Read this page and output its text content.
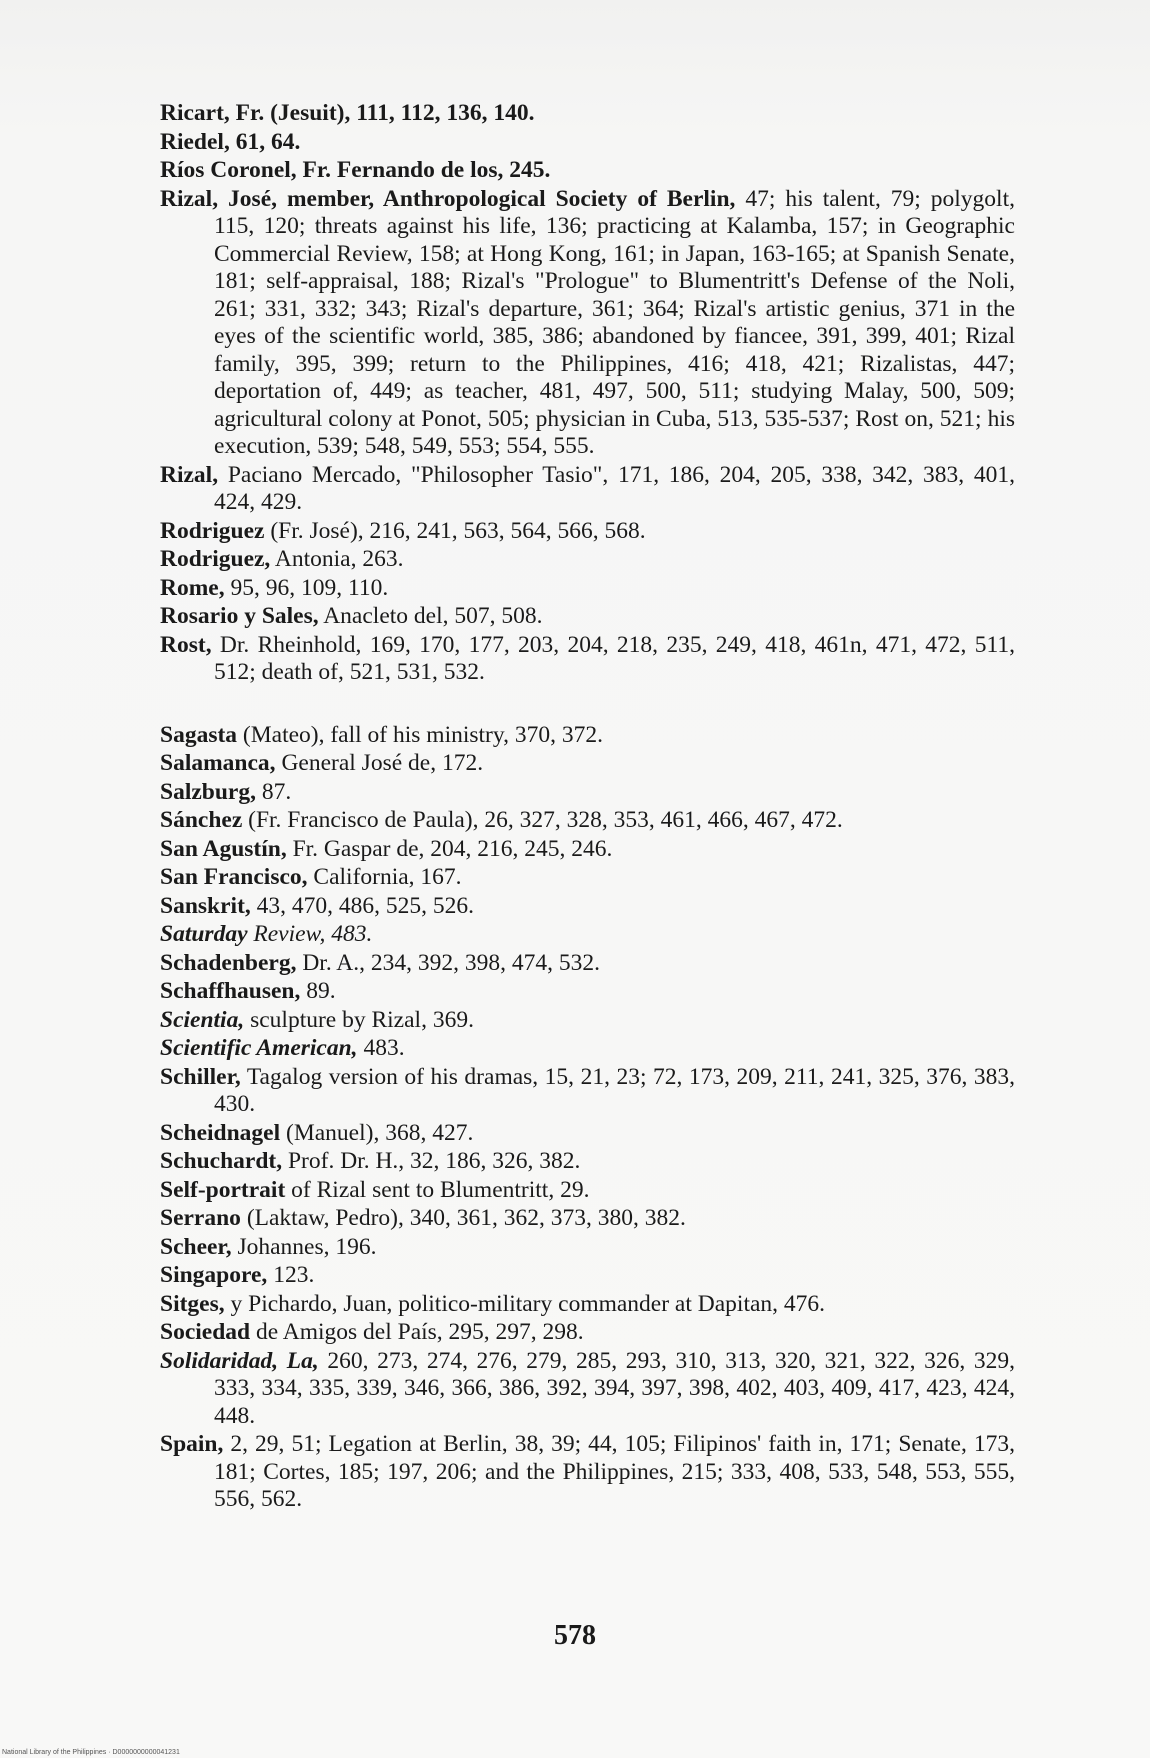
Ricart, Fr. (Jesuit), 111, 112, 136, 140.

Riedel, 61, 64.

Ríos Coronel, Fr. Fernando de los, 245.

Rizal, José, member, Anthropological Society of Berlin, 47; his talent, 79; polygolt, 115, 120; threats against his life, 136; practicing at Kalamba, 157; in Geographic Commercial Review, 158; at Hong Kong, 161; in Japan, 163-165; at Spanish Senate, 181; self-appraisal, 188; Rizal's "Prologue" to Blumentritt's Defense of the Noli, 261; 331, 332; 343; Rizal's departure, 361; 364; Rizal's artistic genius, 371 in the eyes of the scientific world, 385, 386; abandoned by fiancee, 391, 399, 401; Rizal family, 395, 399; return to the Philippines, 416; 418, 421; Rizalistas, 447; deportation of, 449; as teacher, 481, 497, 500, 511; studying Malay, 500, 509; agricultural colony at Ponot, 505; physician in Cuba, 513, 535-537; Rost on, 521; his execution, 539; 548, 549, 553; 554, 555.

Rizal, Paciano Mercado, "Philosopher Tasio", 171, 186, 204, 205, 338, 342, 383, 401, 424, 429.

Rodriguez (Fr. José), 216, 241, 563, 564, 566, 568.

Rodriguez, Antonia, 263.

Rome, 95, 96, 109, 110.

Rosario y Sales, Anacleto del, 507, 508.

Rost, Dr. Rheinhold, 169, 170, 177, 203, 204, 218, 235, 249, 418, 461n, 471, 472, 511, 512; death of, 521, 531, 532.

Sagasta (Mateo), fall of his ministry, 370, 372.

Salamanca, General José de, 172.

Salzburg, 87.

Sánchez (Fr. Francisco de Paula), 26, 327, 328, 353, 461, 466, 467, 472.

San Agustín, Fr. Gaspar de, 204, 216, 245, 246.

San Francisco, California, 167.

Sanskrit, 43, 470, 486, 525, 526.

Saturday Review, 483.

Schadenberg, Dr. A., 234, 392, 398, 474, 532.

Schaffhausen, 89.

Scientia, sculpture by Rizal, 369.

Scientific American, 483.

Schiller, Tagalog version of his dramas, 15, 21, 23; 72, 173, 209, 211, 241, 325, 376, 383, 430.

Scheidnagel (Manuel), 368, 427.

Schuchardt, Prof. Dr. H., 32, 186, 326, 382.

Self-portrait of Rizal sent to Blumentritt, 29.

Serrano (Laktaw, Pedro), 340, 361, 362, 373, 380, 382.

Scheer, Johannes, 196.

Singapore, 123.

Sitges, y Pichardo, Juan, politico-military commander at Dapitan, 476.

Sociedad de Amigos del País, 295, 297, 298.

Solidaridad, La, 260, 273, 274, 276, 279, 285, 293, 310, 313, 320, 321, 322, 326, 329, 333, 334, 335, 339, 346, 366, 386, 392, 394, 397, 398, 402, 403, 409, 417, 423, 424, 448.

Spain, 2, 29, 51; Legation at Berlin, 38, 39; 44, 105; Filipinos' faith in, 171; Senate, 173, 181; Cortes, 185; 197, 206; and the Philippines, 215; 333, 408, 533, 548, 553, 555, 556, 562.

578
National Library of the Philippines · D0000000000041231
